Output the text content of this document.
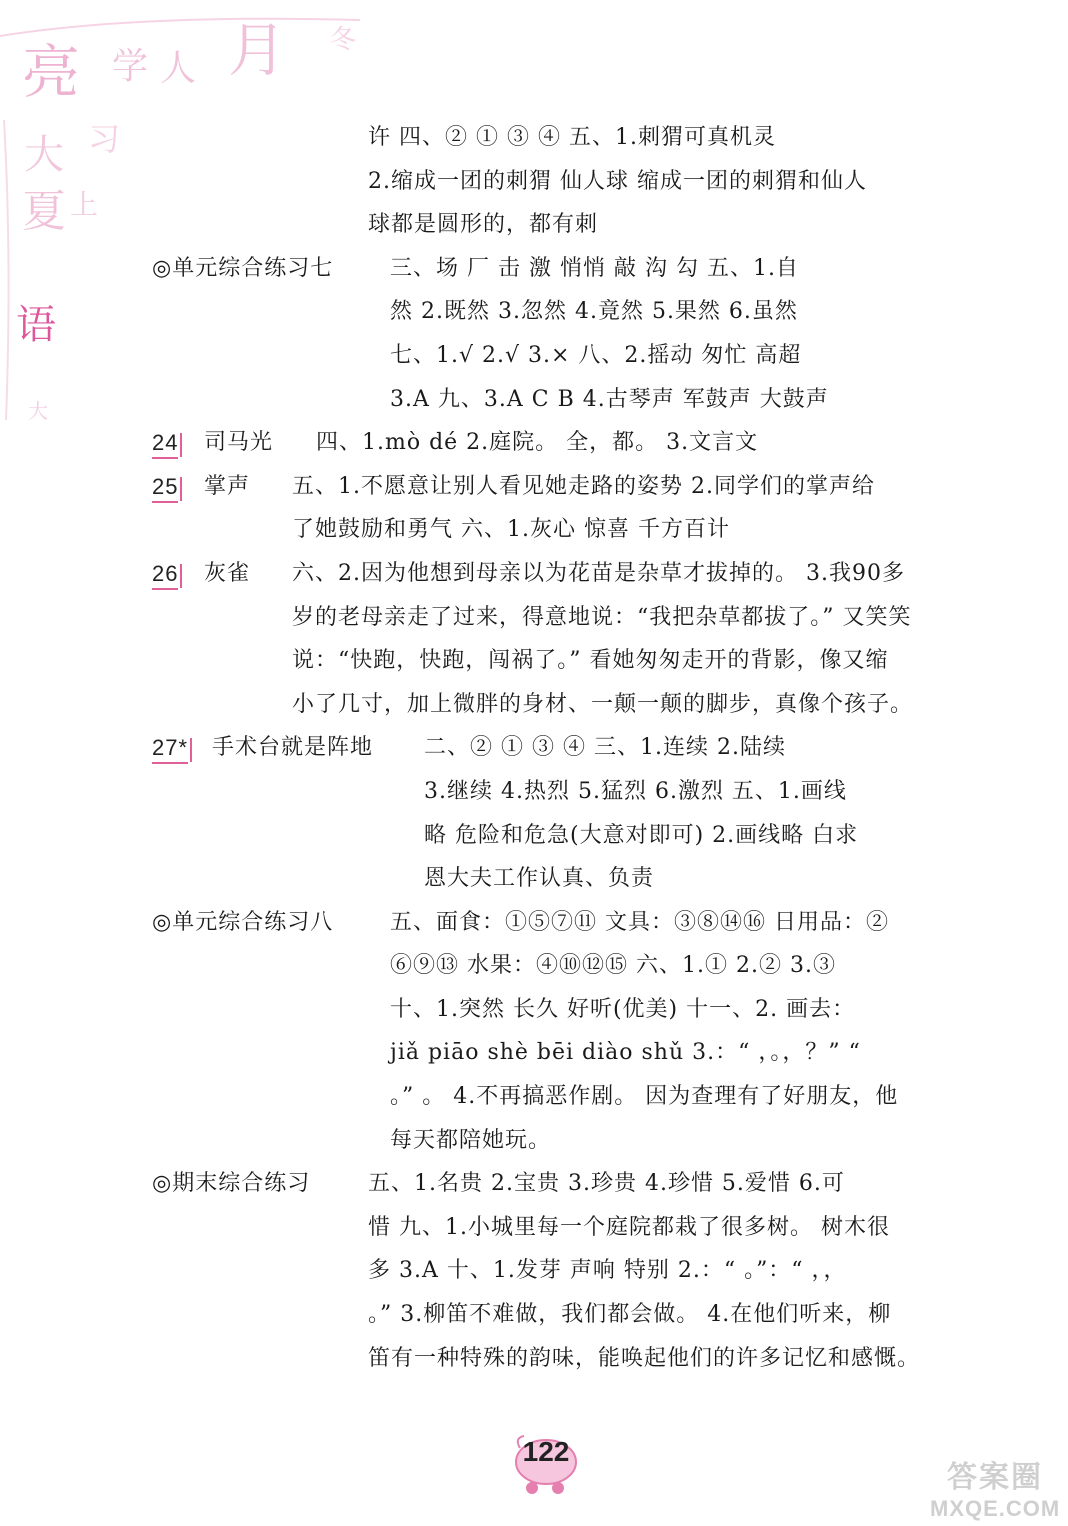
亮 学 人 月 冬
大 习
夏 上
语
大
许 四、② ① ③ ④ 五、1.刺猬可真机灵
2.缩成一团的刺猬 仙人球 缩成一团的刺猬和仙人
球都是圆形的，都有刺
◎单元综合练习七	三、场 厂 击 激 悄悄 敲 沟 勾 五、1.自
然 2.既然 3.忽然 4.竟然 5.果然 6.虽然
七、1.√ 2.√ 3.× 八、2.摇动 匆忙 高超
3.A 九、3.A C B 4.古琴声 军鼓声 大鼓声
24 司马光 四、1.mò dé 2.庭院。 全，都。 3.文言文
25 掌声 五、1.不愿意让别人看见她走路的姿势 2.同学们的掌声给
了她鼓励和勇气 六、1.灰心 惊喜 千方百计
26 灰雀 六、2.因为他想到母亲以为花苗是杂草才拔掉的。 3.我90多
岁的老母亲走了过来，得意地说：“我把杂草都拔了。” 又笑笑
说：“快跑，快跑，闯祸了。” 看她匆匆走开的背影，像又缩
小了几寸，加上微胖的身材、一颠一颠的脚步，真像个孩子。
27* 手术台就是阵地 二、② ① ③ ④ 三、1.连续 2.陆续
3.继续 4.热烈 5.猛烈 6.激烈 五、1.画线
略 危险和危急(大意对即可) 2.画线略 白求
恩大夫工作认真、负责
◎单元综合练习八	五、面食：①⑤⑦⑪ 文具：③⑧⑭⑯ 日用品：②
⑥⑨⑬ 水果：④⑩⑫⑮ 六、1.① 2.② 3.③
十、1.突然 长久 好听(优美) 十一、2. 画去：
jiǎ piāo shè bēi diào shǔ 3.：“ ，。，？” “
。” 。 4.不再搞恶作剧。 因为查理有了好朋友，他
每天都陪她玩。
◎期末综合练习	五、1.名贵 2.宝贵 3.珍贵 4.珍惜 5.爱惜 6.可
惜 九、1.小城里每一个庭院都栽了很多树。 树木很
多 3.A 十、1.发芽 声响 特别 2.：“ 。”：“ ，，
。” 3.柳笛不难做，我们都会做。 4.在他们听来，柳
笛有一种特殊的韵味，能唤起他们的许多记忆和感慨。
122
答案圈
MXQE.COM
